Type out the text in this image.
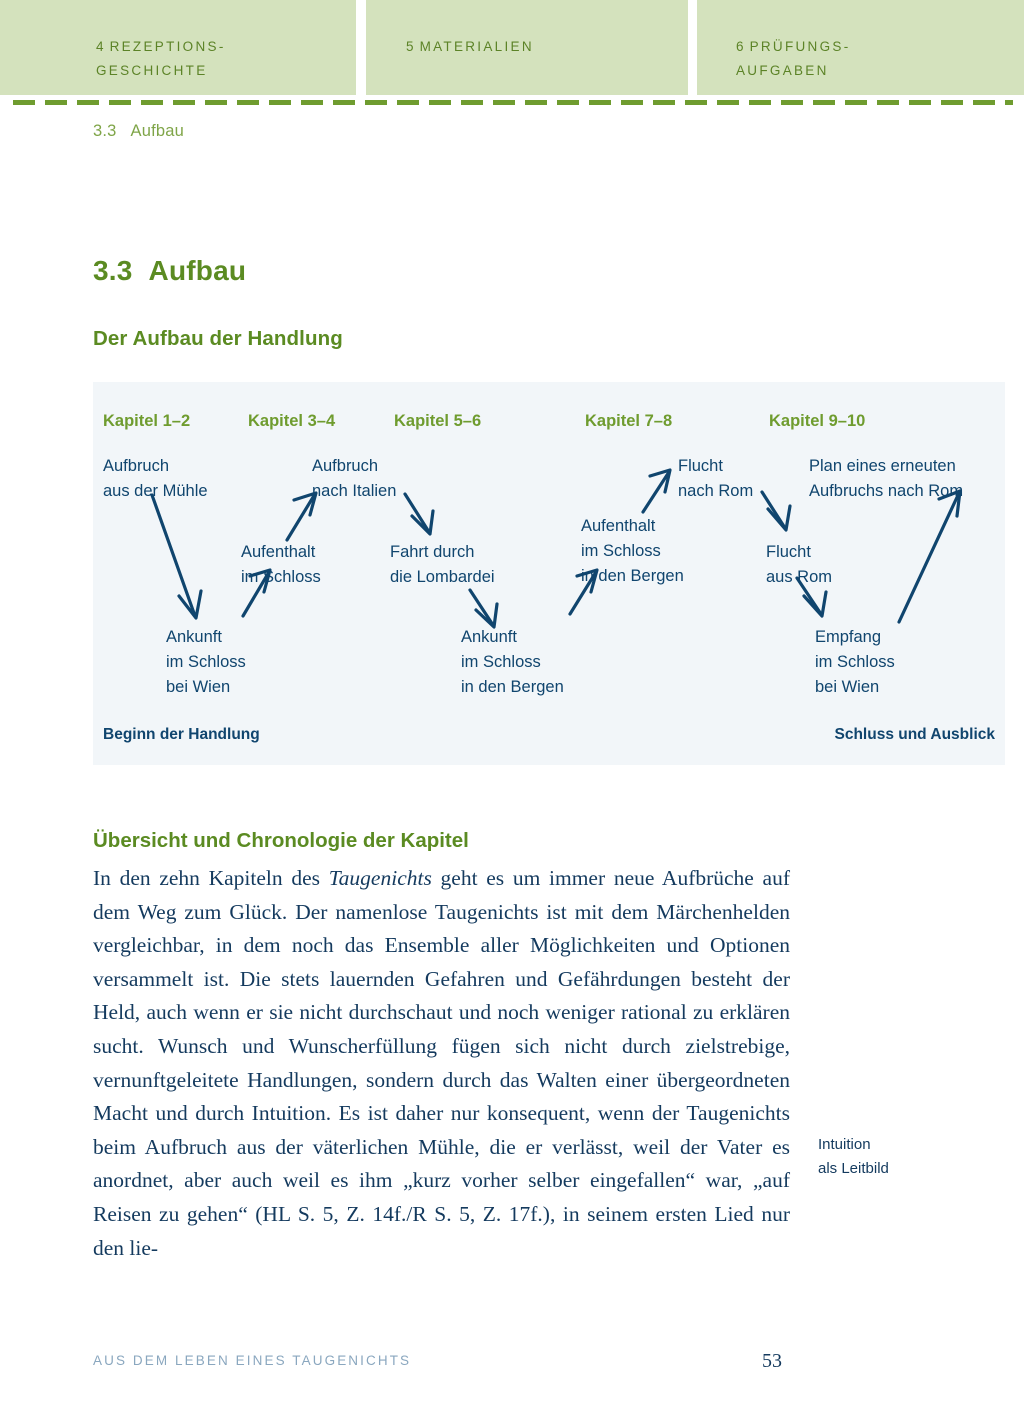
4 REZEPTIONS-
GESCHICHTE
5 MATERIALIEN	6 PRÜFUNGS-
AUFGABEN
3.3 Aufbau
3.3 Aufbau
Der Aufbau der Handlung
Kapitel 1–2	Kapitel 3–4	Kapitel 5–6	Kapitel 7–8	Kapitel 9–10
Aufbruch
aus der Mühle
Ankunft
im Schloss
bei Wien
Aufenthalt
im Schloss
Aufbruch
nach Italien
Fahrt durch
die Lombardei
Ankunft
im Schloss
in den Bergen
Aufenthalt
im Schloss
in den Bergen
Flucht
nach Rom
Flucht
aus Rom
Empfang
im Schloss
bei Wien
Plan eines erneuten
Aufbruchs nach Rom
Beginn der Handlung	Schluss und Ausblick
Übersicht und Chronologie der Kapitel

In den zehn Kapiteln des Taugenichts geht es um immer neue Aufbrüche auf dem Weg zum Glück. Der namenlose Taugenichts ist mit dem Märchenhelden vergleichbar, in dem noch das Ensemble aller Möglichkeiten und Optionen versammelt ist. Die stets lauernden Gefahren und Gefährdungen besteht der Held, auch wenn er sie nicht durchschaut und noch weniger rational zu erklären sucht. Wunsch und Wunscherfüllung fügen sich nicht durch zielstrebige, vernunftgeleitete Handlungen, sondern durch das Walten einer übergeordneten Macht und durch Intuition. Es ist daher nur konsequent, wenn der Taugenichts beim Aufbruch aus der väterlichen Mühle, die er verlässt, weil der Vater es anordnet, aber auch weil es ihm „kurz vorher selber eingefallen“ war, „auf Reisen zu gehen“ (HL S. 5, Z. 14f./R S. 5, Z. 17f.), in seinem ersten Lied nur den lie-

Intuition
als Leitbild
AUS DEM LEBEN EINES TAUGENICHTS	53
